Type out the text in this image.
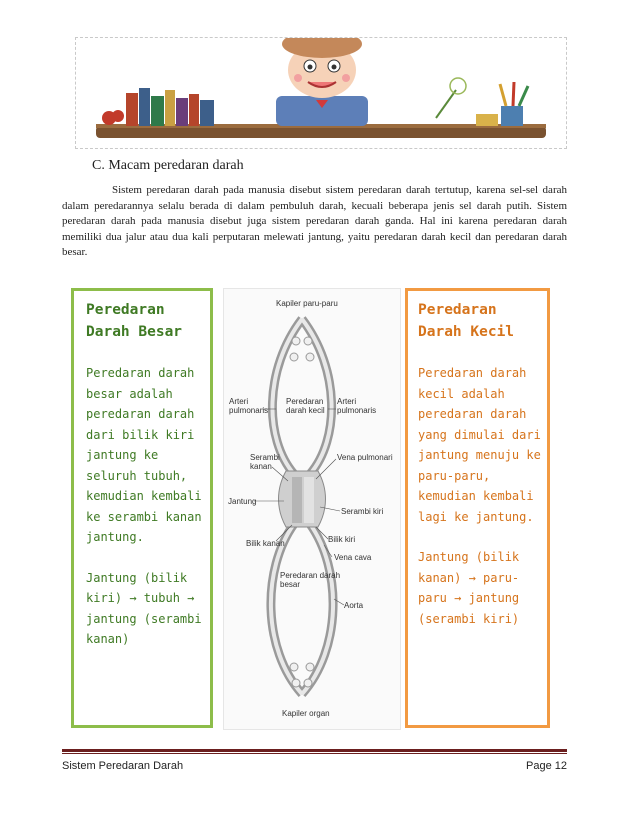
C. Macam peredaran darah
Sistem peredaran darah pada manusia disebut sistem peredaran darah tertutup, karena sel-sel darah dalam peredarannya selalu berada di dalam pembuluh darah, kecuali beberapa jenis sel darah putih. Sistem peredaran darah pada manusia disebut juga sistem peredaran darah ganda. Hal ini karena peredaran darah memiliki dua jalur atau dua kali perputaran melewati jantung, yaitu peredaran darah kecil dan peredaran darah besar.
Peredaran
Darah Besar
Peredaran darah
besar adalah
peredaran darah
dari bilik kiri
jantung ke
seluruh tubuh,
kemudian kembali
ke serambi kanan
jantung.
Jantung (bilik
kiri) → tubuh →
jantung (serambi
kanan)
Kapiler paru-paru
Arteri
pulmonaris
Peredaran
darah kecil
Arteri
pulmonaris
Serambi
kanan
Vena pulmonari
Jantung
Serambi kiri
Bilik kanan	Bilik kiri
Vena cava
Peredaran darah
besar
Aorta
Kapiler organ
Peredaran
Darah Kecil
Peredaran darah
kecil adalah
peredaran darah
yang dimulai dari
jantung menuju ke
paru-paru,
kemudian kembali
lagi ke jantung.
Jantung (bilik
kanan) → paru-
paru → jantung
(serambi kiri)
Sistem Peredaran Darah	Page 12
